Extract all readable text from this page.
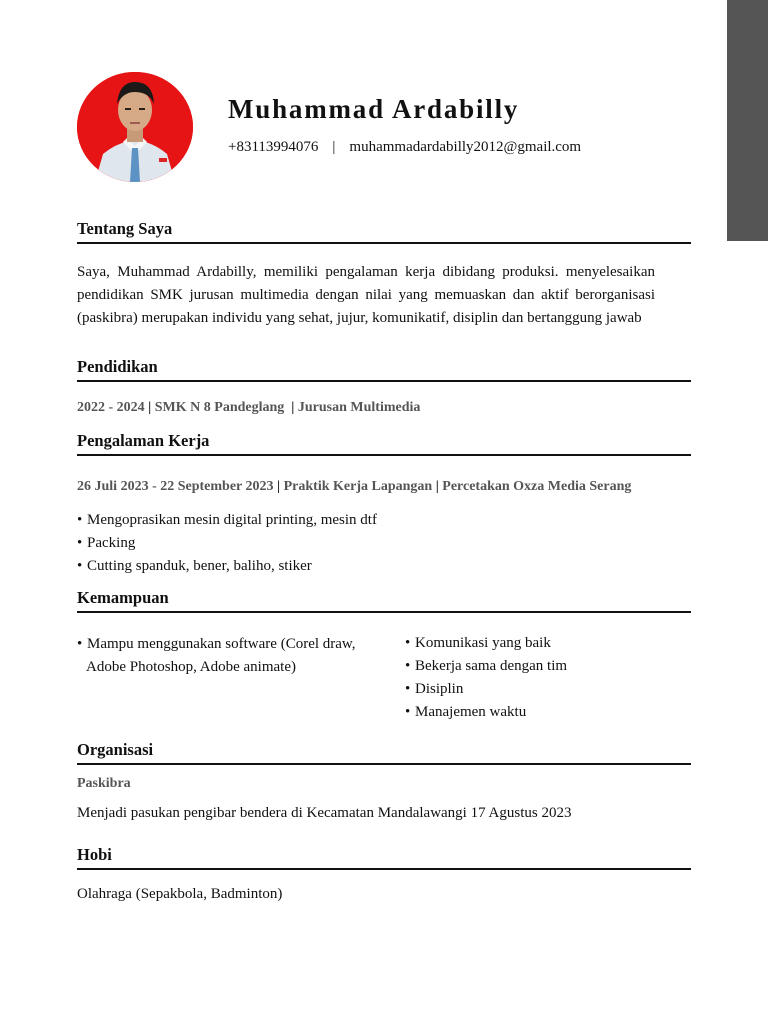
Muhammad Ardabilly
+83113994076 | muhammadardabilly2012@gmail.com
Tentang Saya
Saya, Muhammad Ardabilly, memiliki pengalaman kerja dibidang produksi. menyelesaikan pendidikan SMK jurusan multimedia dengan nilai yang memuaskan dan aktif berorganisasi (paskibra) merupakan individu yang sehat, jujur, komunikatif, disiplin dan bertanggung jawab
Pendidikan
2022 - 2024 | SMK N 8 Pandeglang | Jurusan Multimedia
Pengalaman Kerja
26 Juli 2023 - 22 September 2023 | Praktik Kerja Lapangan | Percetakan Oxza Media Serang
• Mengoprasikan mesin digital printing, mesin dtf
• Packing
• Cutting spanduk, bener, baliho, stiker
Kemampuan
• Mampu menggunakan software (Corel draw,
Adobe Photoshop, Adobe animate)
• Komunikasi yang baik
• Bekerja sama dengan tim
• Disiplin
• Manajemen waktu
Organisasi
Paskibra
Menjadi pasukan pengibar bendera di Kecamatan Mandalawangi 17 Agustus 2023
Hobi
Olahraga (Sepakbola, Badminton)
